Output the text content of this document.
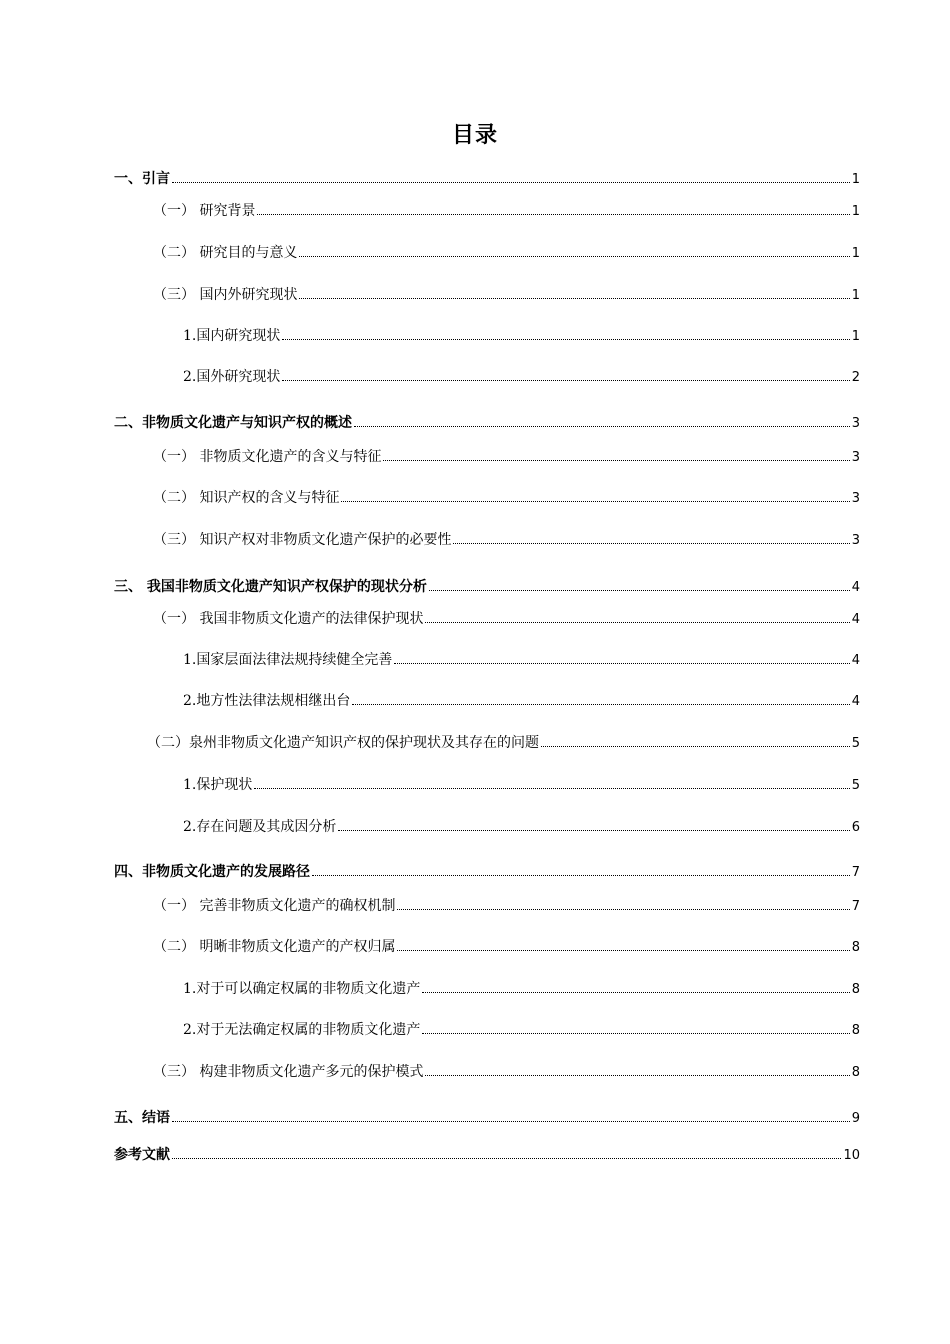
目录
一、引言	1
（一） 研究背景	1
（二） 研究目的与意义	1
（三） 国内外研究现状	1
1.国内研究现状	1
2.国外研究现状	2
二、非物质文化遗产与知识产权的概述	3
（一） 非物质文化遗产的含义与特征	3
（二） 知识产权的含义与特征	3
（三） 知识产权对非物质文化遗产保护的必要性	3
三、 我国非物质文化遗产知识产权保护的现状分析	4
（一） 我国非物质文化遗产的法律保护现状	4
1.国家层面法律法规持续健全完善	4
2.地方性法律法规相继出台	4
（二）泉州非物质文化遗产知识产权的保护现状及其存在的问题	5
1.保护现状	5
2.存在问题及其成因分析	6
四、非物质文化遗产的发展路径	7
（一） 完善非物质文化遗产的确权机制	7
（二） 明晰非物质文化遗产的产权归属	8
1.对于可以确定权属的非物质文化遗产	8
2.对于无法确定权属的非物质文化遗产	8
（三） 构建非物质文化遗产多元的保护模式	8
五、结语	9
参考文献	10
